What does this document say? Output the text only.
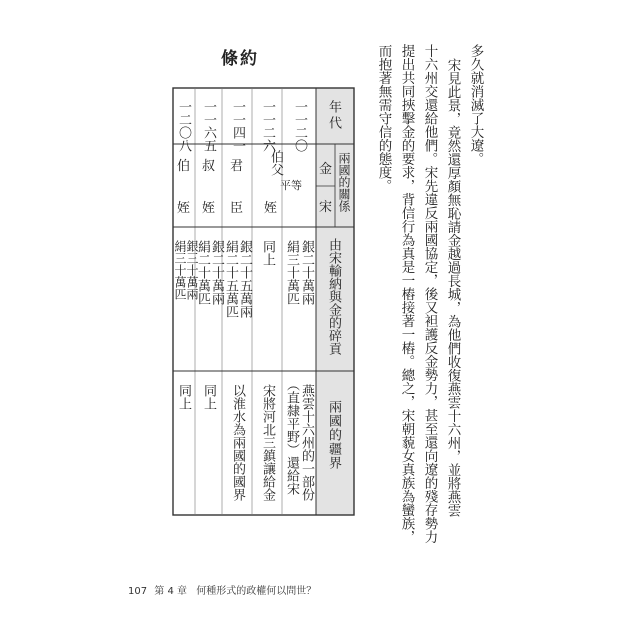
條約
年代
兩國的關係
金
宋
由宋輸納與金的碎貢
兩國的疆界
一一二〇
平等
銀二十萬兩
絹三十萬匹
燕雲十六州的一部份
（直隸平野）還給宋
一一二六
伯父
姪
同上
宋將河北三鎮讓給金
一一四一
君
臣
銀二十五萬兩
絹二十五萬匹
以淮水為兩國的國界
一一六五
叔
姪
銀二十萬兩
絹二十萬匹
同上
一二〇八
伯
姪
銀三十萬兩
絹三十萬匹
同上
多久就消滅了大遼。
宋見此景，竟然還厚顏無恥請金越過長城，為他們收復燕雲十六州，並將燕雲
十六州交還給他們。宋先違反兩國協定，後又袒護反金勢力，甚至還向遼的殘存勢力
提出共同挾擊金的要求，背信行為真是一樁接著一樁。總之，宋朝藐女真族為蠻族，
而抱著無需守信的態度。
107 第 4 章 何種形式的政權何以問世？
